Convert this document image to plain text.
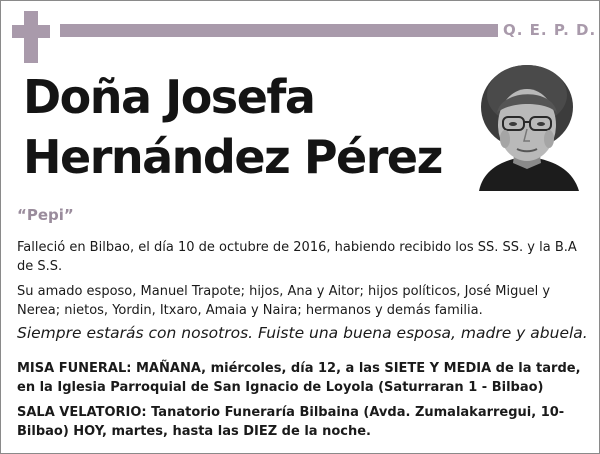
Q. E. P. D.
Doña Josefa
Hernández Pérez
“Pepi”
Falleció en Bilbao, el día 10 de octubre de 2016, habiendo recibido los SS. SS. y la B.A de S.S.
Su amado esposo, Manuel Trapote; hijos, Ana y Aitor; hijos políticos, José Miguel y Nerea; nietos, Yordin, Itxaro, Amaia y Naira; hermanos y demás familia.
Siempre estarás con nosotros. Fuiste una buena esposa, madre y abuela.
MISA FUNERAL: MAÑANA, miércoles, día 12, a las SIETE Y MEDIA de la tarde, en la Iglesia Parroquial de San Ignacio de Loyola (Saturraran 1 - Bilbao)
SALA VELATORIO: Tanatorio Funeraría Bilbaina (Avda. Zumalakarregui, 10-Bilbao) HOY, martes, hasta las DIEZ de la noche.
